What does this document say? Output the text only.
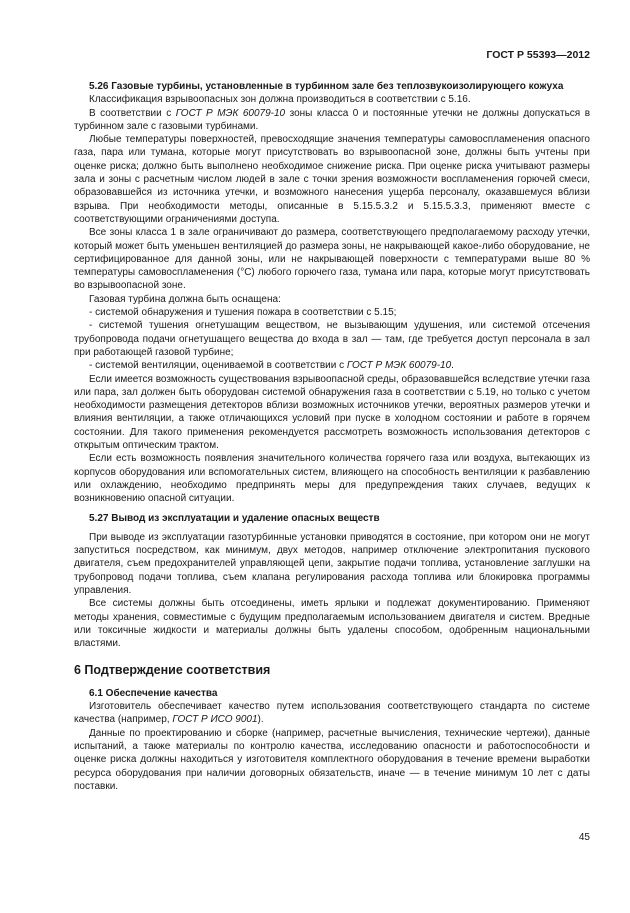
ГОСТ Р 55393—2012

5.26 Газовые турбины, установленные в турбинном зале без теплозвукоизолирующего кожуха

Классификация взрывоопасных зон должна производиться в соответствии с 5.16.

В соответствии с ГОСТ Р МЭК 60079-10 зоны класса 0 и постоянные утечки не должны допускаться в турбинном зале с газовыми турбинами.

Любые температуры поверхностей, превосходящие значения температуры самовоспламенения опасного газа, пара или тумана, которые могут присутствовать во взрывоопасной зоне, должны быть учтены при оценке риска; должно быть выполнено необходимое снижение риска. При оценке риска учитывают размеры зала и зоны с расчетным числом людей в зале с точки зрения возможности воспламенения горючей смеси, образовавшейся из источника утечки, и возможного нанесения ущерба персоналу, оказавшемуся вблизи взрыва. При необходимости методы, описанные в 5.15.5.3.2 и 5.15.5.3.3, применяют вместе с соответствующими ограничениями доступа.

Все зоны класса 1 в зале ограничивают до размера, соответствующего предполагаемому расходу утечки, который может быть уменьшен вентиляцией до размера зоны, не накрывающей какое-либо оборудование, не сертифицированное для данной зоны, или не накрывающей поверхности с температурами выше 80 % температуры самовоспламенения (°С) любого горючего газа, тумана или пара, которые могут присутствовать во взрывоопасной зоне.

Газовая турбина должна быть оснащена:

- системой обнаружения и тушения пожара в соответствии с 5.15;

- системой тушения огнетушащим веществом, не вызывающим удушения, или системой отсечения трубопровода подачи огнетушащего вещества до входа в зал — там, где требуется доступ персонала в зал при работающей газовой турбине;

- системой вентиляции, оцениваемой в соответствии с ГОСТ Р МЭК 60079-10.

Если имеется возможность существования взрывоопасной среды, образовавшейся вследствие утечки газа или пара, зал должен быть оборудован системой обнаружения газа в соответствии с 5.19, но только с учетом необходимости размещения детекторов вблизи возможных источников утечки, вероятных размеров утечки и влияния вентиляции, а также отличающихся условий при пуске в холодном состоянии и работе в горячем состоянии. Для такого применения рекомендуется рассмотреть возможность использования детекторов с открытым оптическим трактом.

Если есть возможность появления значительного количества горячего газа или воздуха, вытекающих из корпусов оборудования или вспомогательных систем, влияющего на способность вентиляции к разбавлению или охлаждению, необходимо предпринять меры для предупреждения таких случаев, ведущих к возникновению опасной ситуации.

5.27 Вывод из эксплуатации и удаление опасных веществ

При выводе из эксплуатации газотурбинные установки приводятся в состояние, при котором они не могут запуститься посредством, как минимум, двух методов, например отключение электропитания пускового двигателя, съем предохранителей управляющей цепи, закрытие подачи топлива, установление заглушки на трубопровод подачи топлива, съем клапана регулирования расхода топлива или блокировка программы управления.

Все системы должны быть отсоединены, иметь ярлыки и подлежат документированию. Применяют методы хранения, совместимые с будущим предполагаемым использованием двигателя и систем. Вредные или токсичные жидкости и материалы должны быть удалены способом, одобренным национальными властями.

6 Подтверждение соответствия

6.1 Обеспечение качества

Изготовитель обеспечивает качество путем использования соответствующего стандарта по системе качества (например, ГОСТ Р ИСО 9001).

Данные по проектированию и сборке (например, расчетные вычисления, технические чертежи), данные испытаний, а также материалы по контролю качества, исследованию опасности и работоспособности и оценке риска должны находиться у изготовителя комплектного оборудования в течение времени выработки ресурса оборудования при наличии договорных обязательств, иначе — в течение минимум 10 лет с даты поставки.

45
